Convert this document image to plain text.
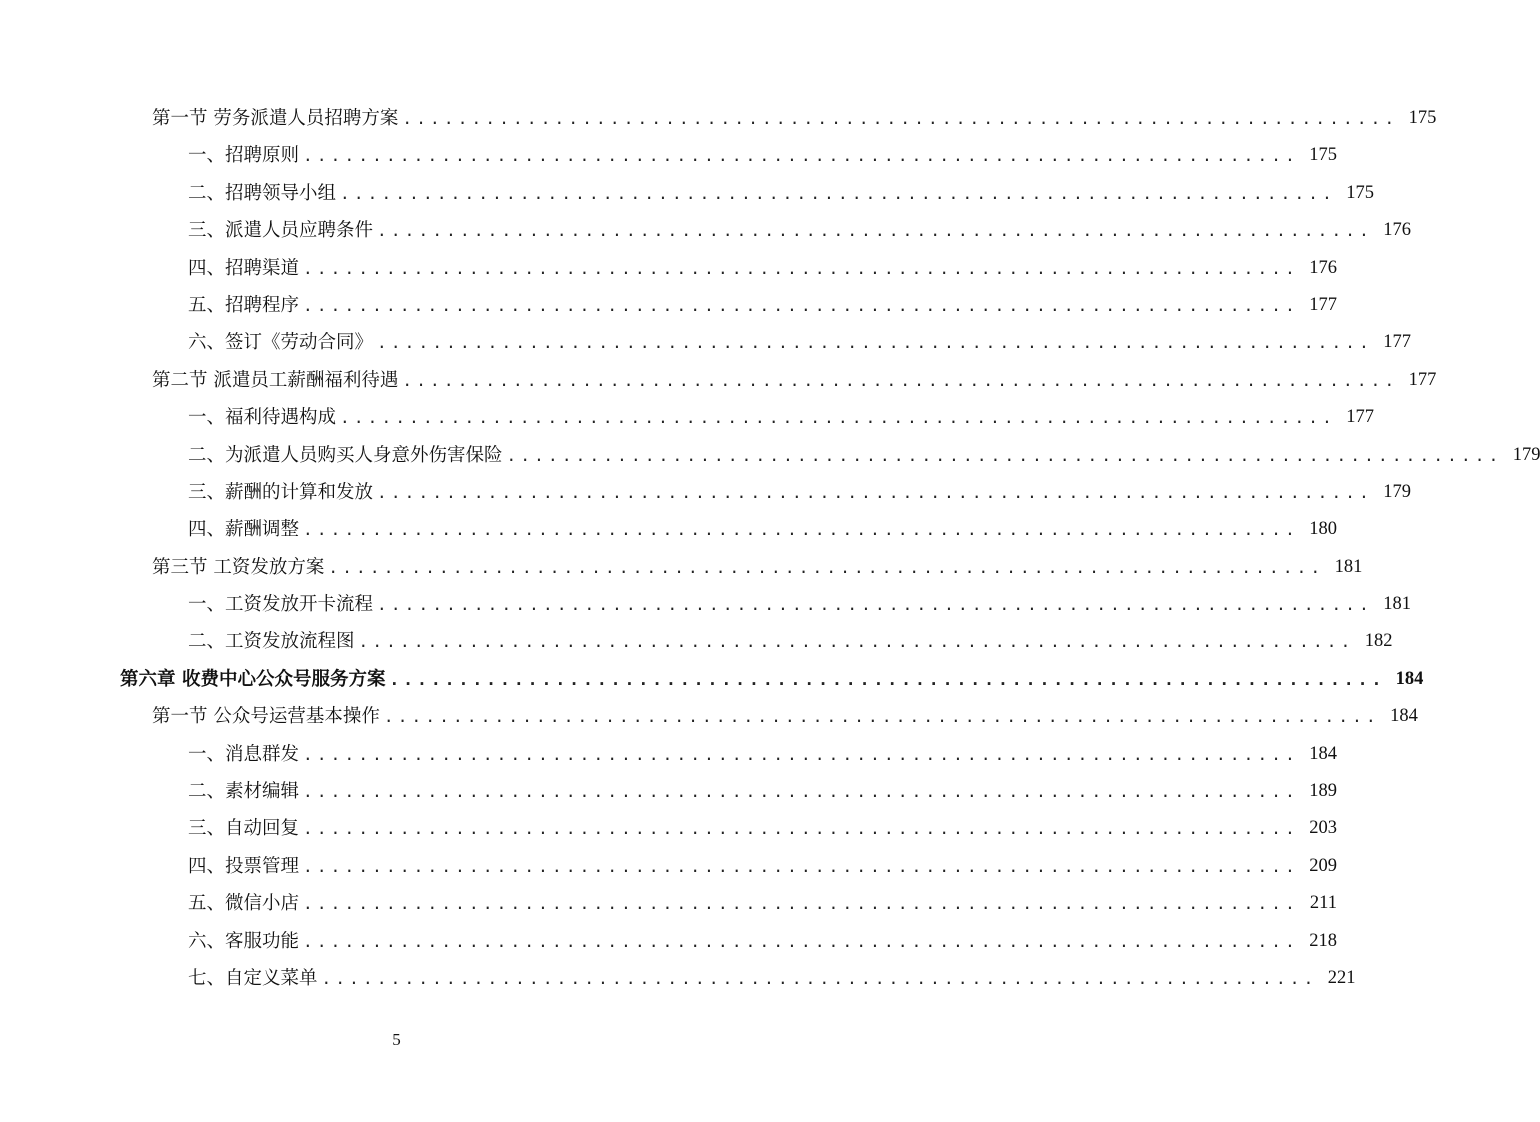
第一节 劳务派遣人员招聘方案 ........................................................................ 175
一、招聘原则 ........................................................................ 175
二、招聘领导小组 ........................................................................ 175
三、派遣人员应聘条件 ........................................................................ 176
四、招聘渠道 ........................................................................ 176
五、招聘程序 ........................................................................ 177
六、签订《劳动合同》 ........................................................................ 177
第二节 派遣员工薪酬福利待遇 ........................................................................ 177
一、福利待遇构成 ........................................................................ 177
二、为派遣人员购买人身意外伤害保险 ........................................................................ 179
三、薪酬的计算和发放 ........................................................................ 179
四、薪酬调整 ........................................................................ 180
第三节 工资发放方案 ........................................................................ 181
一、工资发放开卡流程 ........................................................................ 181
二、工资发放流程图 ........................................................................ 182
第六章 收费中心公众号服务方案 ........................................................................ 184
第一节 公众号运营基本操作 ........................................................................ 184
一、消息群发 ........................................................................ 184
二、素材编辑 ........................................................................ 189
三、自动回复 ........................................................................ 203
四、投票管理 ........................................................................ 209
五、微信小店 ........................................................................ 211
六、客服功能 ........................................................................ 218
七、自定义菜单 ........................................................................ 221
5
